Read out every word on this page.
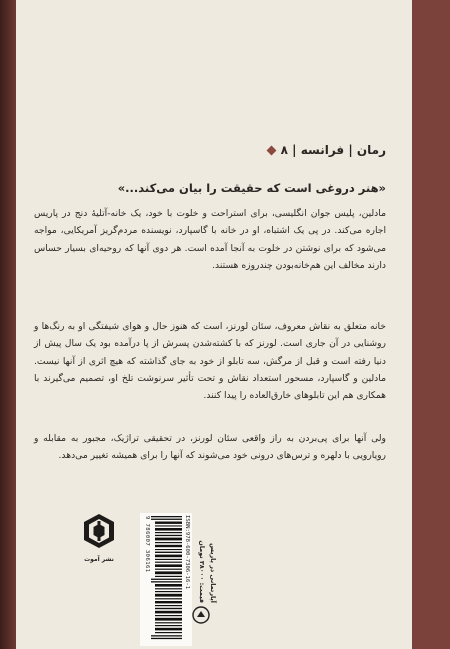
رمان | فرانسه | ۸
«هنر دروغی است که حقیقت را بیان می‌کند...»
مادلین، پلیس جوان انگلیسی، برای استراحت و خلوت با خود، یک خانه-آتلیهٔ دنج در پاریس اجاره می‌کند. در پی یک اشتباه، او در خانه با گاسپارد، نویسنده مردم‌گریز آمریکایی، مواجه می‌شود که برای نوشتن در خلوت به آنجا آمده است. هر دوی آنها که روحیه‌ای بسیار حساس دارند مخالف این هم‌خانه‌بودن چندروزه هستند.
خانه متعلق به نقاش معروف، سئان لورنز، است که هنوز حال و هوای شیفتگی او به رنگ‌ها و روشنایی در آن جاری است. لورنز که با کشته‌شدن پسرش از پا درآمده بود یک سال پیش از دنیا رفته است و قبل از مرگش، سه تابلو از خود به جای گذاشته که هیچ اثری از آنها نیست. مادلین و گاسپارد، مسحور استعداد نقاش و تحت تأثیر سرنوشت تلخ او، تصمیم می‌گیرند با همکاری هم این تابلوهای خارق‌العاده را پیدا کنند.
ولی آنها برای پی‌بردن به راز واقعی سئان لورنز، در تحقیقی تراژیک، مجبور به مقابله و رویارویی با دلهره و ترس‌های درونی خود می‌شوند که آنها را برای همیشه تغییر می‌دهد.
نشر آموت	ISBN:978-600-7306-16-1
9 786007 306161	آپارتمانی در پاریس
قیمت: ۳۸۰۰۰ تومان
